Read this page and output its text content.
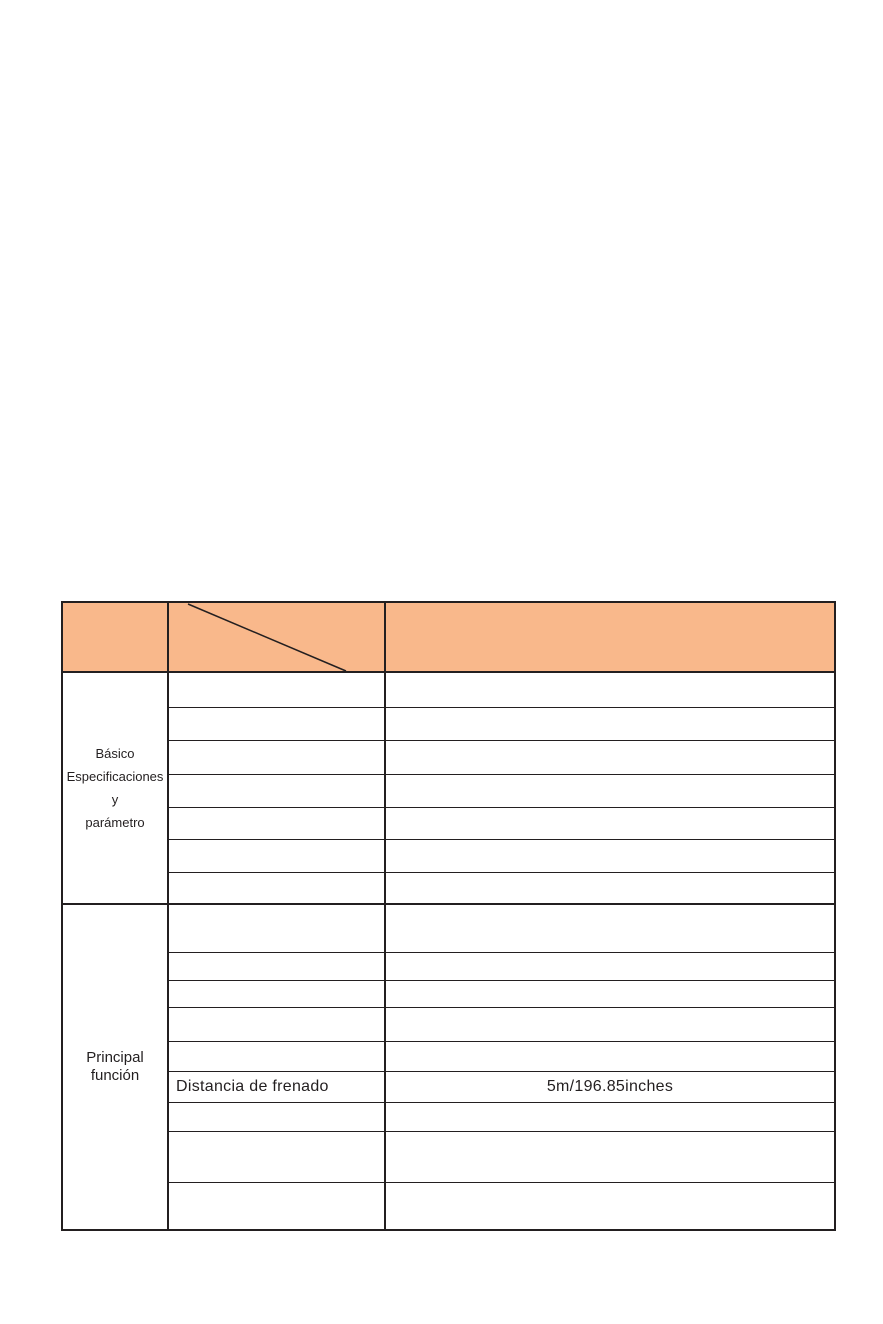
Básico
Especificaciones
y
parámetro
Principal
función
Distancia de frenado	5m/196.85inches
